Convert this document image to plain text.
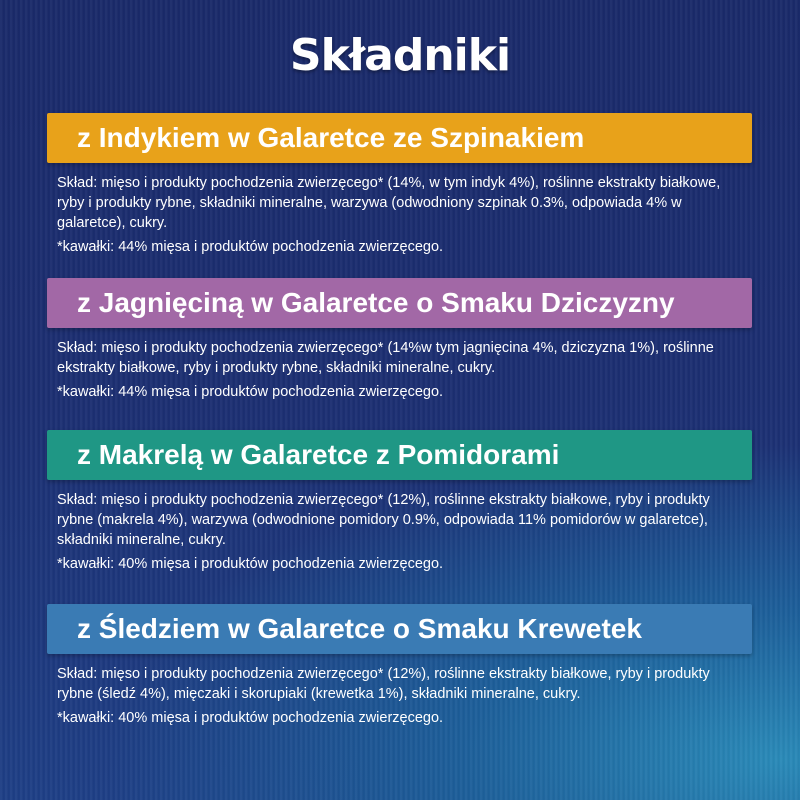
Składniki
z Indykiem w Galaretce ze Szpinakiem
Skład: mięso i produkty pochodzenia zwierzęcego* (14%, w tym indyk 4%), roślinne ekstrakty białkowe, ryby i produkty rybne, składniki mineralne, warzywa (odwodniony szpinak 0.3%, odpowiada 4% w galaretce), cukry.
*kawałki: 44% mięsa i produktów pochodzenia zwierzęcego.
z Jagnięciną w Galaretce o Smaku Dziczyzny
Skład: mięso i produkty pochodzenia zwierzęcego* (14%w tym jagnięcina 4%, dziczyzna 1%), roślinne ekstrakty białkowe, ryby i produkty rybne, składniki mineralne, cukry.
*kawałki: 44% mięsa i produktów pochodzenia zwierzęcego.
z Makrelą w Galaretce z Pomidorami
Skład: mięso i produkty pochodzenia zwierzęcego* (12%), roślinne ekstrakty białkowe, ryby i produkty rybne (makrela 4%), warzywa (odwodnione pomidory 0.9%, odpowiada 11% pomidorów w galaretce), składniki mineralne, cukry.
*kawałki: 40% mięsa i produktów pochodzenia zwierzęcego.
z Śledziem w Galaretce o Smaku Krewetek
Skład: mięso i produkty pochodzenia zwierzęcego* (12%), roślinne ekstrakty białkowe, ryby i produkty rybne (śledź 4%), mięczaki i skorupiaki (krewetka 1%), składniki mineralne, cukry.
*kawałki: 40% mięsa i produktów pochodzenia zwierzęcego.
